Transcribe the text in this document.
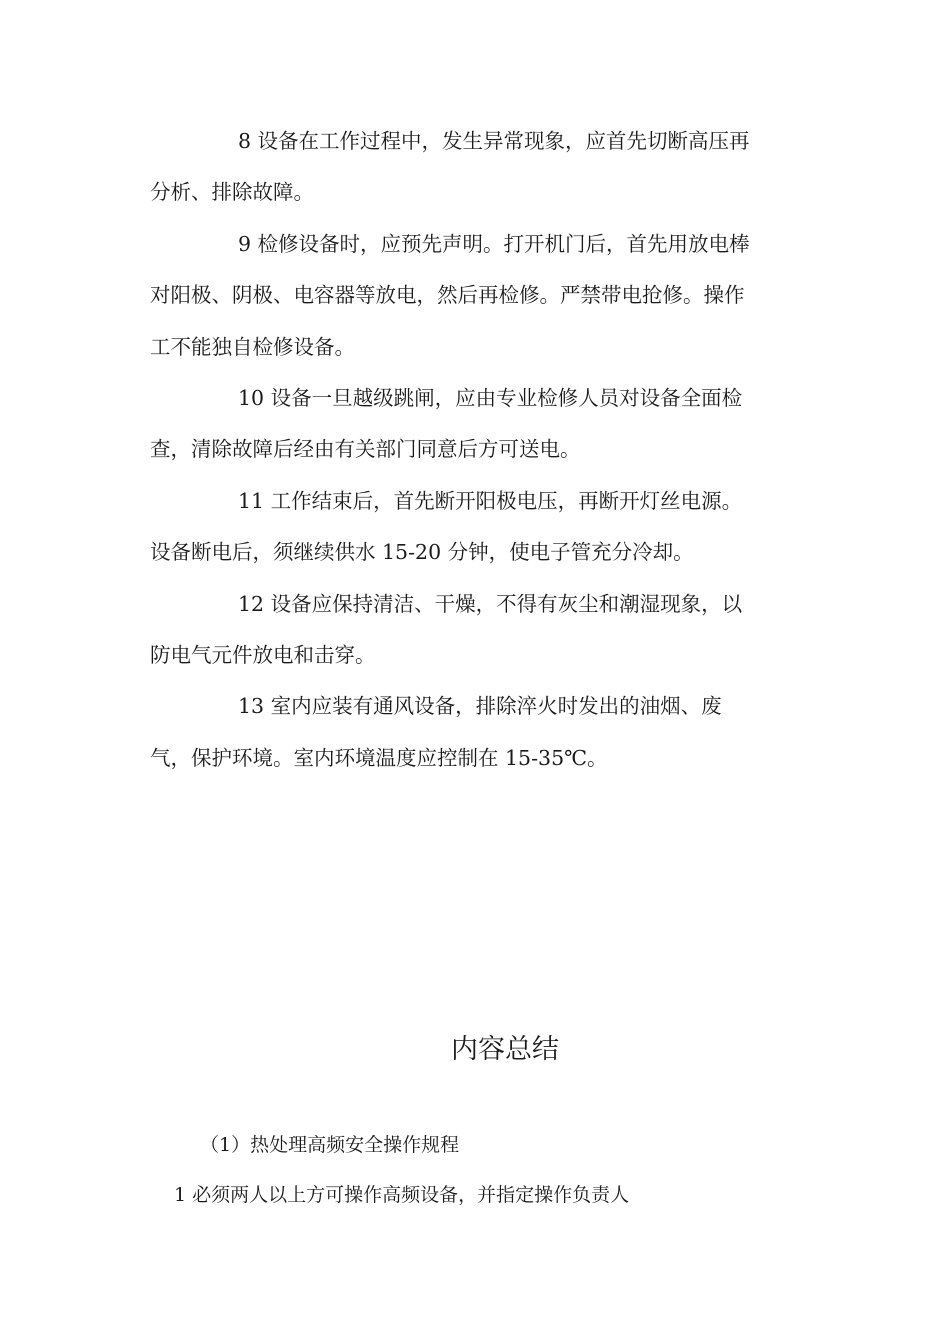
8 设备在工作过程中，发生异常现象，应首先切断高压再
分析、排除故障。
9 检修设备时，应预先声明。打开机门后，首先用放电棒
对阳极、阴极、电容器等放电，然后再检修。严禁带电抢修。操作
工不能独自检修设备。
10 设备一旦越级跳闸，应由专业检修人员对设备全面检
查，清除故障后经由有关部门同意后方可送电。
11 工作结束后，首先断开阳极电压，再断开灯丝电源。
设备断电后，须继续供水 15-20 分钟，使电子管充分冷却。
12 设备应保持清洁、干燥，不得有灰尘和潮湿现象，以
防电气元件放电和击穿。
13 室内应装有通风设备，排除淬火时发出的油烟、废
气，保护环境。室内环境温度应控制在 15-35℃。
内容总结
（1）热处理高频安全操作规程
1 必须两人以上方可操作高频设备，并指定操作负责人
